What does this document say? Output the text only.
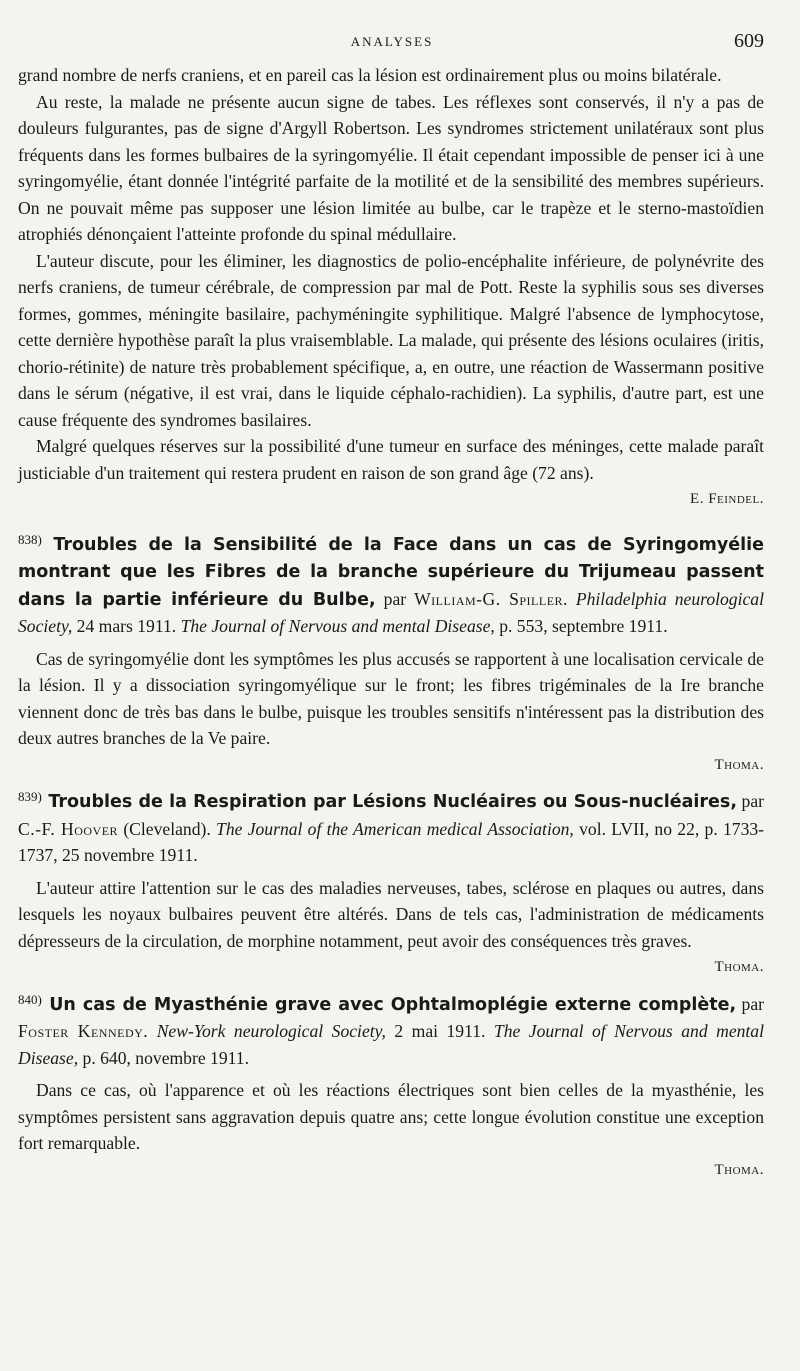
ANALYSES	609

grand nombre de nerfs craniens, et en pareil cas la lésion est ordinairement plus ou moins bilatérale.

Au reste, la malade ne présente aucun signe de tabes. Les réflexes sont conservés, il n'y a pas de douleurs fulgurantes, pas de signe d'Argyll Robertson. Les syndromes strictement unilatéraux sont plus fréquents dans les formes bulbaires de la syringomyélie. Il était cependant impossible de penser ici à une syringomyélie, étant donnée l'intégrité parfaite de la motilité et de la sensibilité des membres supérieurs. On ne pouvait même pas supposer une lésion limitée au bulbe, car le trapèze et le sterno-mastoïdien atrophiés dénonçaient l'atteinte profonde du spinal médullaire.

L'auteur discute, pour les éliminer, les diagnostics de polio-encéphalite inférieure, de polynévrite des nerfs craniens, de tumeur cérébrale, de compression par mal de Pott. Reste la syphilis sous ses diverses formes, gommes, méningite basilaire, pachyméningite syphilitique. Malgré l'absence de lymphocytose, cette dernière hypothèse paraît la plus vraisemblable. La malade, qui présente des lésions oculaires (iritis, chorio-rétinite) de nature très probablement spécifique, a, en outre, une réaction de Wassermann positive dans le sérum (négative, il est vrai, dans le liquide céphalo-rachidien). La syphilis, d'autre part, est une cause fréquente des syndromes basilaires.

Malgré quelques réserves sur la possibilité d'une tumeur en surface des méninges, cette malade paraît justiciable d'un traitement qui restera prudent en raison de son grand âge (72 ans).

E. Feindel.

$^{838)}$ Troubles de la Sensibilité de la Face dans un cas de Syringomyélie montrant que les Fibres de la branche supérieure du Trijumeau passent dans la partie inférieure du Bulbe, par William-G. Spiller. Philadelphia neurological Society, 24 mars 1911. The Journal of Nervous and mental Disease, p. 553, septembre 1911.

Cas de syringomyélie dont les symptômes les plus accusés se rapportent à une localisation cervicale de la lésion. Il y a dissociation syringomyélique sur le front; les fibres trigéminales de la Ire branche viennent donc de très bas dans le bulbe, puisque les troubles sensitifs n'intéressent pas la distribution des deux autres branches de la Ve paire.

Thoma.

$^{839)}$ Troubles de la Respiration par Lésions Nucléaires ou Sous-nucléaires, par C.-F. Hoover (Cleveland). The Journal of the American medical Association, vol. LVII, no 22, p. 1733-1737, 25 novembre 1911.

L'auteur attire l'attention sur le cas des maladies nerveuses, tabes, sclérose en plaques ou autres, dans lesquels les noyaux bulbaires peuvent être altérés. Dans de tels cas, l'administration de médicaments dépresseurs de la circulation, de morphine notamment, peut avoir des conséquences très graves.

Thoma.

$^{840)}$ Un cas de Myasthénie grave avec Ophtalmoplégie externe complète, par Foster Kennedy. New-York neurological Society, 2 mai 1911. The Journal of Nervous and mental Disease, p. 640, novembre 1911.

Dans ce cas, où l'apparence et où les réactions électriques sont bien celles de la myasthénie, les symptômes persistent sans aggravation depuis quatre ans; cette longue évolution constitue une exception fort remarquable.

Thoma.
